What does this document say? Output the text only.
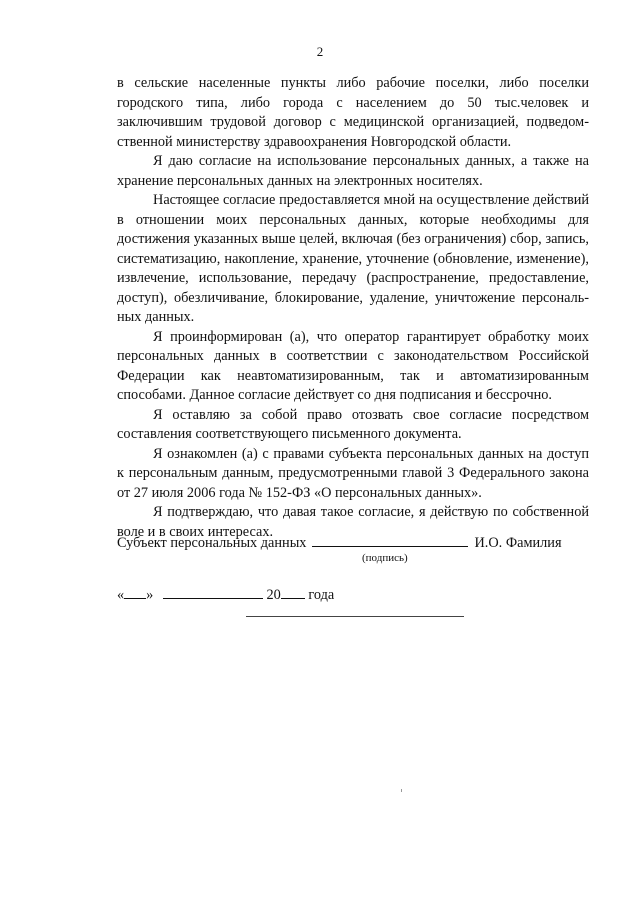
2

в сельские населенные пункты либо рабочие поселки, либо поселки городского типа, либо города с населением до 50 тыс.человек и заключившим трудовой договор с медицинской организацией, подведом-ственной министерству здравоохранения Новгородской области.

Я даю согласие на использование персональных данных, а также на хранение персональных данных на электронных носителях.

Настоящее согласие предоставляется мной на осуществление действий в отношении моих персональных данных, которые необходимы для достижения указанных выше целей, включая (без ограничения) сбор, запись, систематизацию, накопление, хранение, уточнение (обновление, изменение), извлечение, использование, передачу (распространение, предоставление, доступ), обезличивание, блокирование, удаление, уничтожение персональ-ных данных.

Я проинформирован (а), что оператор гарантирует обработку моих персональных данных в соответствии с законодательством Российской Федерации как неавтоматизированным, так и автоматизированным способами. Данное согласие действует со дня подписания и бессрочно.

Я оставляю за собой право отозвать свое согласие посредством составления соответствующего письменного документа.

Я ознакомлен (а) с правами субъекта персональных данных на доступ к персональным данным, предусмотренными главой 3 Федерального закона от 27 июля 2006 года № 152-ФЗ «О персональных данных».

Я подтверждаю, что давая такое согласие, я действую по собственной воле и в своих интересах.

Субъект персональных данных	И.О. Фамилия
(подпись)
« »	20 года
